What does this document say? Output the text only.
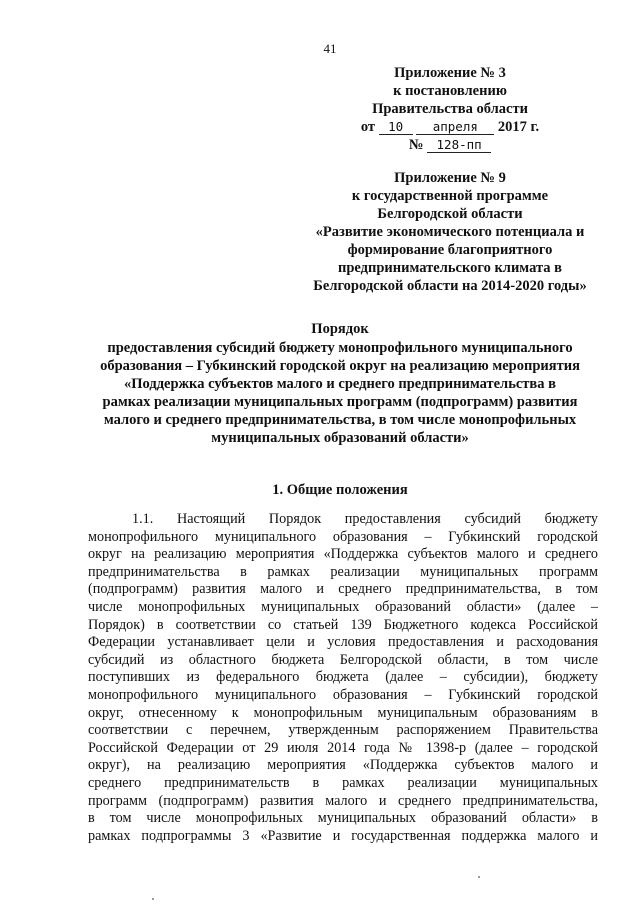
41
Приложение № 3
к постановлению
Правительства области
от 10 апреля 2017 г.
№ 128-пп
Приложение № 9
к государственной программе
Белгородской области
«Развитие экономического потенциала и
формирование благоприятного
предпринимательского климата в
Белгородской области на 2014-2020 годы»
Порядок
предоставления субсидий бюджету монопрофильного муниципального
образования – Губкинский городской округ на реализацию мероприятия
«Поддержка субъектов малого и среднего предпринимательства в
рамках реализации муниципальных программ (подпрограмм) развития
малого и среднего предпринимательства, в том числе монопрофильных
муниципальных образований области»
1. Общие положения
1.1. Настоящий Порядок предоставления субсидий бюджету
монопрофильного муниципального образования – Губкинский городской
округ на реализацию мероприятия «Поддержка субъектов малого и среднего
предпринимательства в рамках реализации муниципальных программ
(подпрограмм) развития малого и среднего предпринимательства, в том
числе монопрофильных муниципальных образований области» (далее –
Порядок) в соответствии со статьей 139 Бюджетного кодекса Российской
Федерации устанавливает цели и условия предоставления и расходования
субсидий из областного бюджета Белгородской области, в том числе
поступивших из федерального бюджета (далее – субсидии), бюджету
монопрофильного муниципального образования – Губкинский городской
округ, отнесенному к монопрофильным муниципальным образованиям в
соответствии с перечнем, утвержденным распоряжением Правительства
Российской Федерации от 29 июля 2014 года № 1398-р (далее – городской
округ), на реализацию мероприятия «Поддержка субъектов малого и
среднего предпринимательств в рамках реализации муниципальных
программ (подпрограмм) развития малого и среднего предпринимательства,
в том числе монопрофильных муниципальных образований области» в
рамках подпрограммы 3 «Развитие и государственная поддержка малого и
